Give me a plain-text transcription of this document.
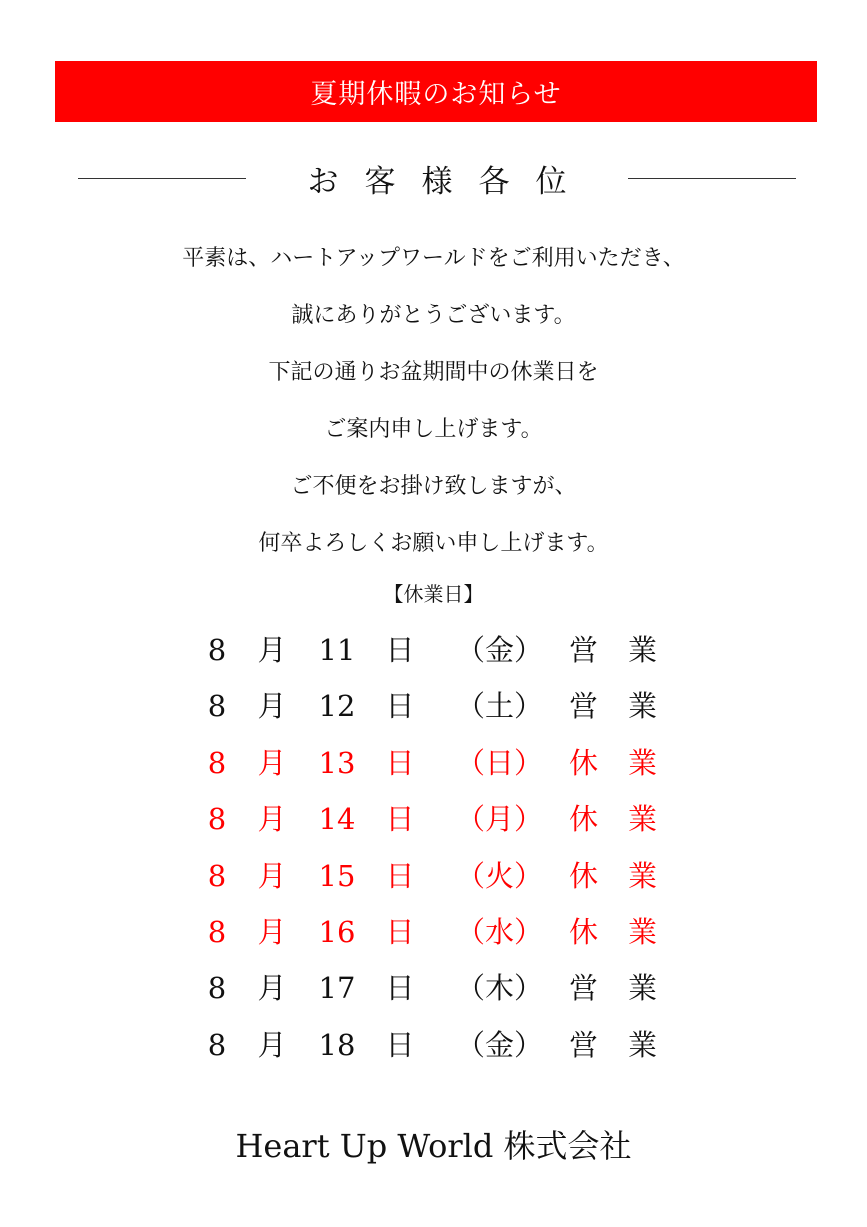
夏期休暇のお知らせ
お客様各位
平素は、ハートアップワールドをご利用いただき、
誠にありがとうございます。
下記の通りお盆期間中の休業日を
ご案内申し上げます。
ご不便をお掛け致しますが、
何卒よろしくお願い申し上げます。
【休業日】
8 月 11 日 （金） 営業
8 月 12 日 （土） 営業
8 月 13 日 （日） 休業
8 月 14 日 （月） 休業
8 月 15 日 （火） 休業
8 月 16 日 （水） 休業
8 月 17 日 （木） 営業
8 月 18 日 （金） 営業
Heart Up World 株式会社
